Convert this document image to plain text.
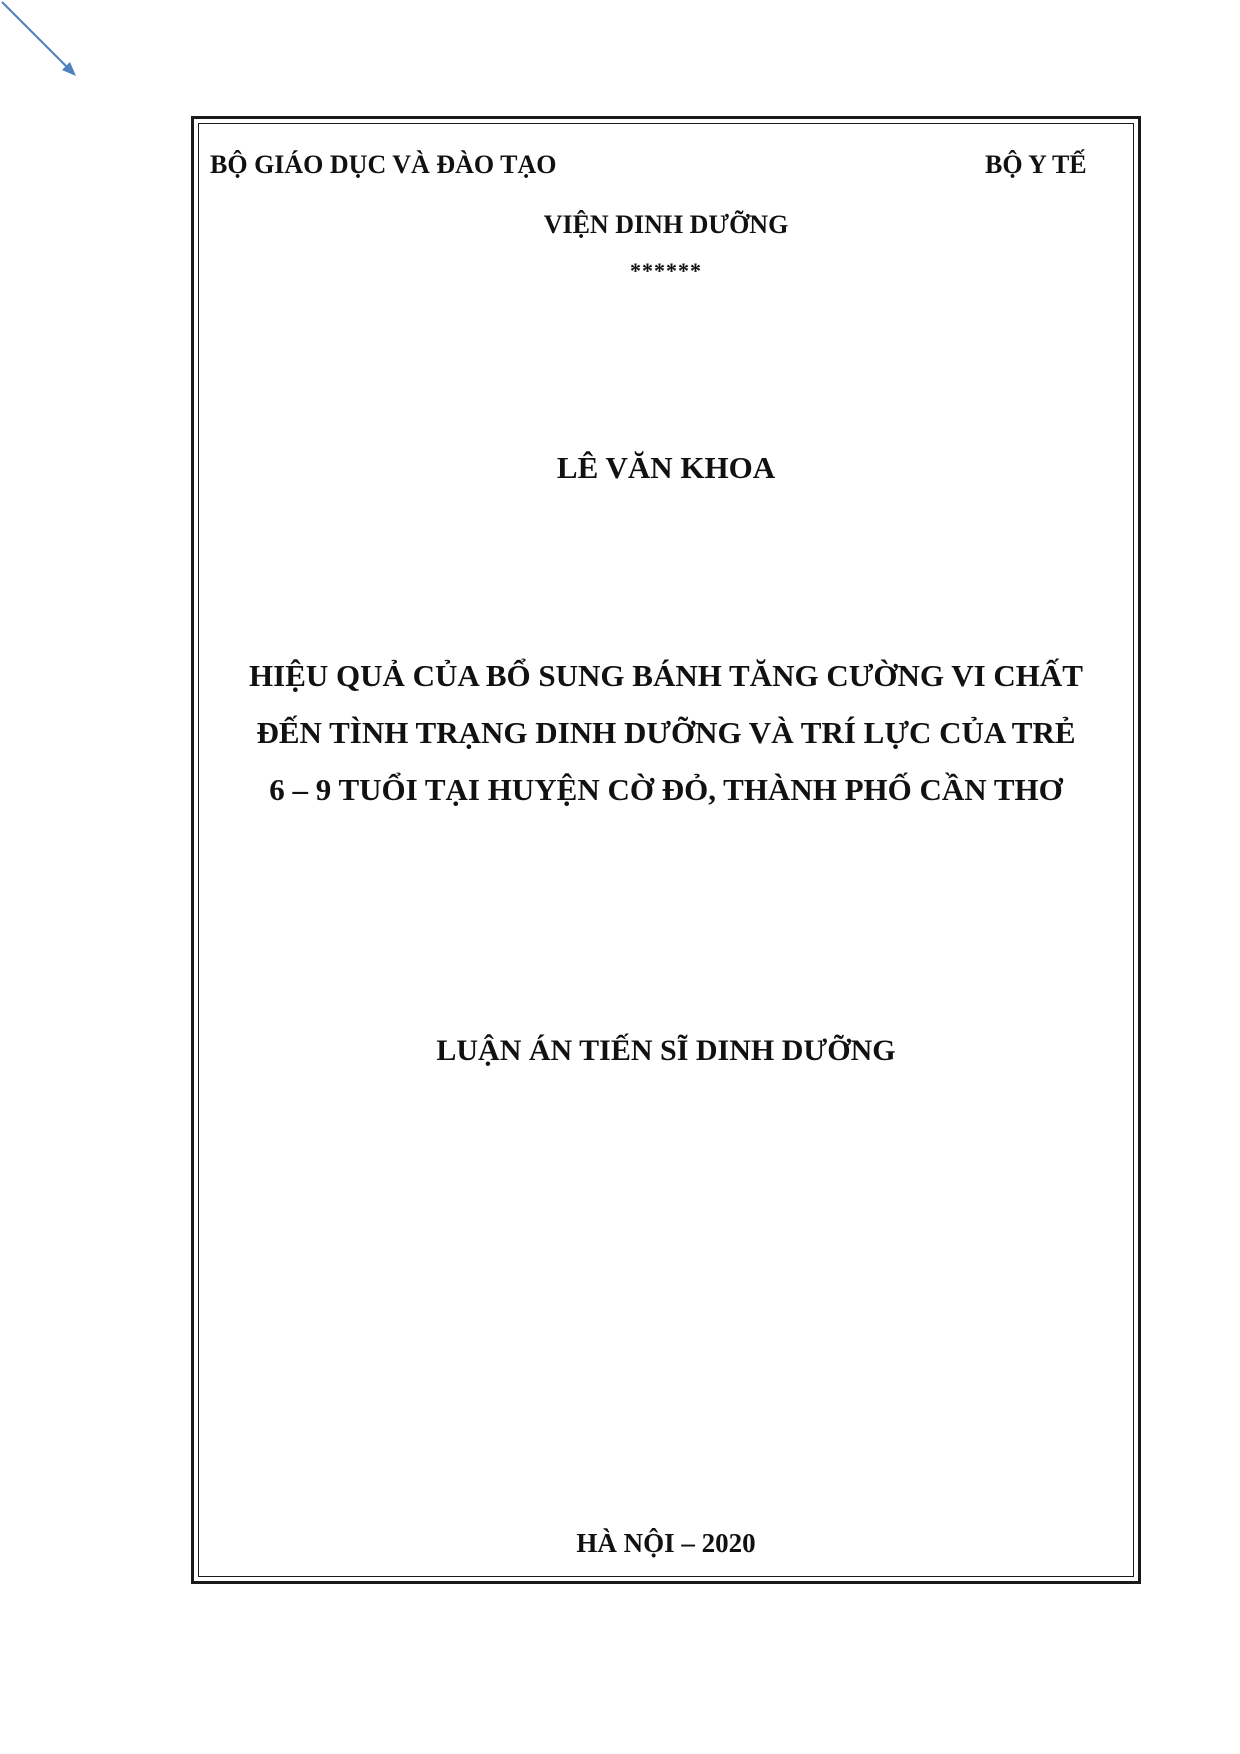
BỘ GIÁO DỤC VÀ ĐÀO TẠO	BỘ Y TẾ
VIỆN DINH DƯỠNG
******
LÊ VĂN KHOA
HIỆU QUẢ CỦA BỔ SUNG BÁNH TĂNG CƯỜNG VI CHẤT
ĐẾN TÌNH TRẠNG DINH DƯỠNG VÀ TRÍ LỰC CỦA TRẺ
6 – 9 TUỔI TẠI HUYỆN CỜ ĐỎ, THÀNH PHỐ CẦN THƠ
LUẬN ÁN TIẾN SĨ DINH DƯỠNG
HÀ NỘI – 2020
